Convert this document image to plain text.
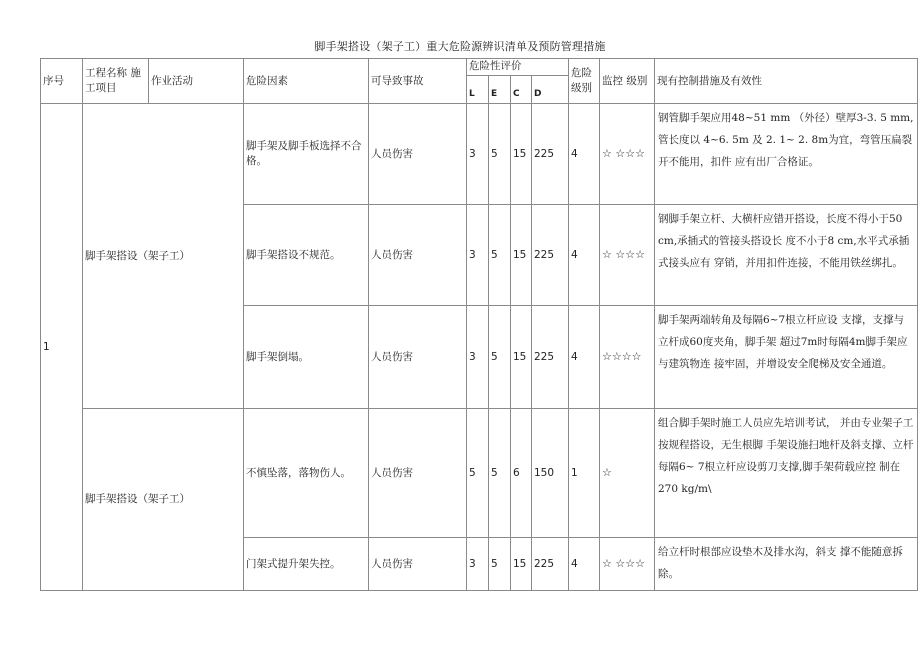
脚手架搭设（架子工）重大危险源辨识清单及预防管理措施
序号	工程名称 施工项目	作业活动	危险因素	可导致事故	危险性评价				危险级别	监控 级别	现有控制措施及有效性
					L	E	C	D			
1	脚手架搭设（架子工）		脚手架及脚手板选择不合格。	人员伤害	3	5	15	225	4	☆ ☆☆☆	钢管脚手架应用48~51 mm （外径）壁厚3-3. 5 mm,管长度以 4~6. 5m 及 2. 1~ 2. 8m为宜，弯管压扁裂开不能用，扣件 应有出厂合格证。
			脚手架搭设不规范。	人员伤害	3	5	15	225	4	☆ ☆☆☆	钢脚手架立杆、大横杆应错开搭设，长度不得小于50 cm,承插式的管接头搭设长 度不小于8 cm,水平式承插式接头应有 穿销，并用扣件连接，不能用铁丝绑扎。
			脚手架倒塌。	人员伤害	3	5	15	225	4	☆☆☆☆	脚手架两端转角及每隔6~7根立杆应设 支撑，支撑与立杆成60度夹角，脚手架 超过7m时每隔4m脚手架应与建筑物连 接牢固，并增设安全爬梯及安全通道。
	脚手架搭设（架子工）		不慎坠落，落物伤人。	人员伤害	5	5	6	150	1	☆	组合脚手架时施工人员应先培训考试， 并由专业架子工按规程搭设，无生根脚 手架设施扫地杆及斜支撑、立杆每隔6~ 7根立杆应设剪刀支撑,脚手架荷载应控 制在270 kg/m\
			门架式提升架失控。	人员伤害	3	5	15	225	4	☆ ☆☆☆	给立杆时根部应设垫木及排水沟，斜支 撑不能随意拆除。
